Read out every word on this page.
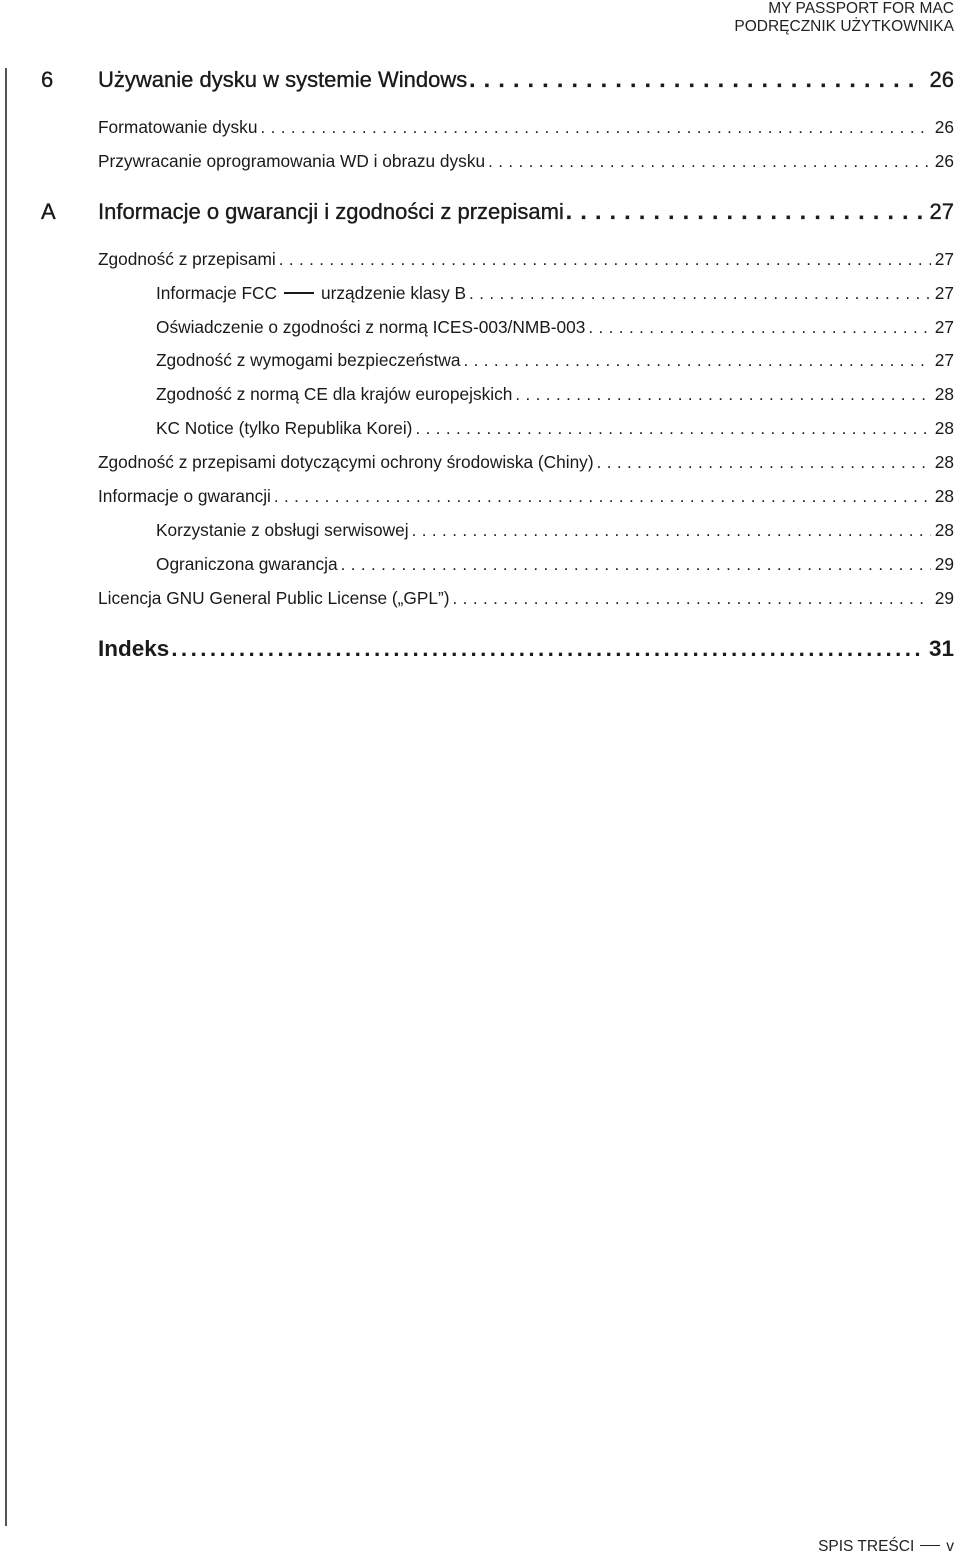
MY PASSPORT FOR MAC
PODRĘCZNIK UŻYTKOWNIKA
6 Używanie dysku w systemie Windows . . .	26
Formatowanie dysku . . .	26
Przywracanie oprogramowania WD i obrazu dysku . . .	26
A Informacje o gwarancji i zgodności z przepisami . . .	27
Zgodność z przepisami . . .	27
Informacje FCC	urządzenie klasy B . . .	27
Oświadczenie o zgodności z normą ICES-003/NMB-003 . . .	27
Zgodność z wymogami bezpieczeństwa . . .	27
Zgodność z normą CE dla krajów europejskich . . .	28
KC Notice (tylko Republika Korei) . . .	28
Zgodność z przepisami dotyczącymi ochrony środowiska (Chiny) . . .	28
Informacje o gwarancji . . .	28
Korzystanie z obsługi serwisowej . . .	28
Ograniczona gwarancja . . .	29
Licencja GNU General Public License („GPL”) . . .	29
Indeks .....	31
SPIS TREŚCI v
